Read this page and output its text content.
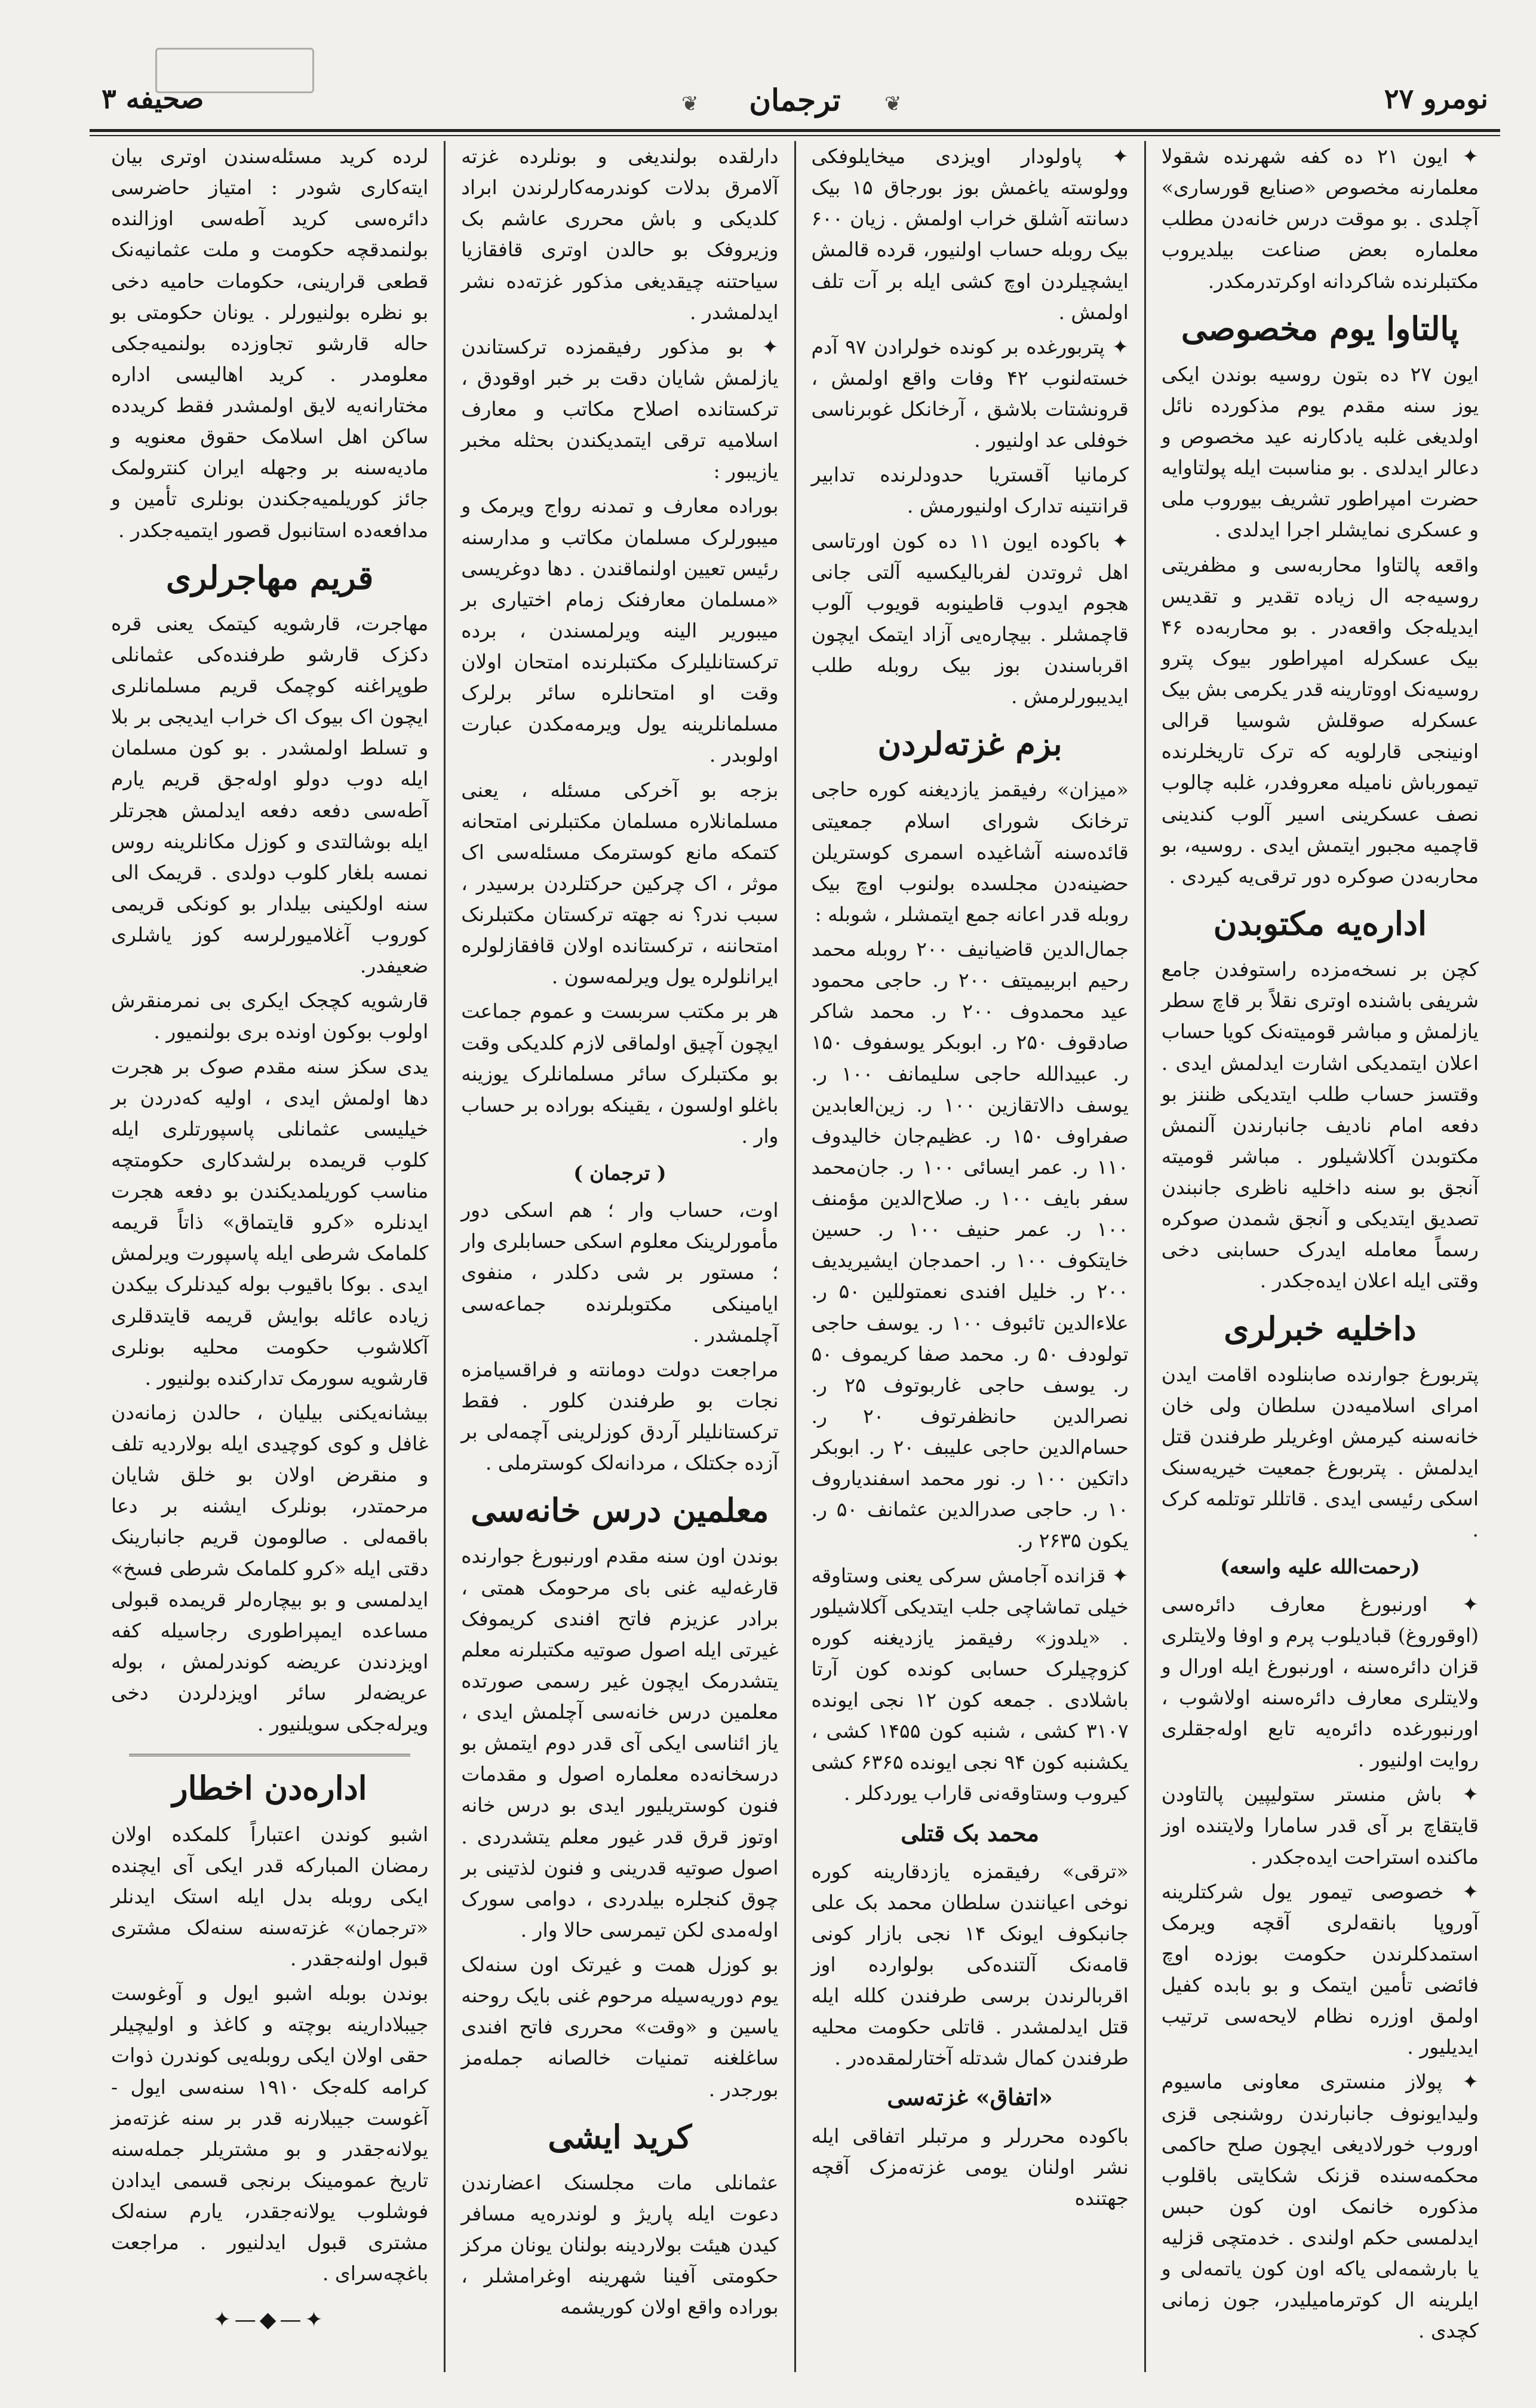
نومرو ۲۷
❦
ترجمان
❦
صحیفه ۳

✦ ایون ۲۱ ده کفه شهرنده شقولا معلمارنه مخصوص «صنایع قورساری» آچلدی . بو موقت درس خانه‌دن مطلب معلماره بعض صناعت بیلدیروب مکتبلرنده شاکردانه اوکرتدرمکدر.

پالتاوا یوم مخصوصی

ایون ۲۷ ده بتون روسیه بوندن ایکی یوز سنه مقدم یوم مذکورده نائل اولدیغی غلبه یادکارنه عید مخصوص و دعالر ایدلدی . بو مناسبت ایله پولتاوایه حضرت امپراطور تشریف بیوروب ملی و عسکری نمایشلر اجرا ایدلدی .

واقعه پالتاوا محاربه‌سی و مظفریتی روسیه‌جه ال زیاده تقدیر و تقدیس ایدیله‌جک واقعه‌در . بو محاربه‌ده ۴۶ بیک عسکرله امپراطور بیوک پترو روسیه‌نک اووتارینه قدر یکرمی بش بیک عسکرله صوقلش شوسیا قرالی اونینجی قارلویه که ترک تاریخلرنده تیمورباش نامیله معروفدر، غلبه چالوب نصف عسکرینی اسیر آلوب کندینی قاچمیه مجبور ایتمش ایدی . روسیه، بو محاربه‌دن صوکره دور ترقی‌یه کیردی .

اداره‌یه مکتوبدن

کچن بر نسخه‌مزده راستوفدن جامع شریفی باشنده اوتری نقلاً بر قاچ سطر یازلمش و مباشر قومیته‌نک کویا حساب اعلان ایتمدیکی اشارت ایدلمش ایدی . وقتسز حساب طلب ایتدیکی ظننز بو دفعه امام نادیف جانبارندن آلنمش مکتوبدن آکلاشیلور . مباشر قومیته آنجق بو سنه داخلیه ناظری جانبندن تصدیق ایتدیکی و آنجق شمدن صوکره رسماً معامله ایدرک حسابنی دخی وقتی ایله اعلان ایده‌جکدر .

داخلیه خبرلری

پتربورغ جوارنده صابنلوده اقامت ایدن امرای اسلامیه‌دن سلطان ولی خان خانه‌سنه کیرمش اوغریلر طرفندن قتل ایدلمش . پتربورغ جمعیت خیریه‌سنک اسکی رئیسی ایدی . قاتللر توتلمه کرک .

(رحمت‌الله علیه واسعه)

✦ اورنبورغ معارف دائره‌سی (اوقوروغ) قبادیلوب پرم و اوفا ولایتلری قزان دائره‌سنه ، اورنبورغ ایله اورال و ولایتلری معارف دائره‌سنه اولاشوب ، اورنبورغده دائره‌یه تابع اوله‌جقلری روایت اولنیور .

✦ باش منستر ستولیپین پالتاودن قایتقاچ بر آی قدر سامارا ولایتنده اوز ماکنده استراحت ایده‌جکدر .

✦ خصوصی تیمور یول شرکتلرینه آوروپا بانقه‌لری آقچه ویرمک استمدکلرندن حکومت بوزده اوچ فائضی تأمین ایتمک و بو بابده کفیل اولمق اوزره نظام لایحه‌سی ترتیب ایدیلیور .

✦ پولاز منستری معاونی ماسیوم ولیدایونوف جانبارندن روشنجی قزی اوروب خورلادیغی ایچون صلح حاکمی محکمه‌سنده قزنک شکایتی باقلوب مذکوره خانمک اون کون حبس ایدلمسی حکم اولندی . خدمتچی قزلیه یا بارشمه‌لی یاکه اون کون یاتمه‌لی و ایلرینه ال کوترمامیلیدر، جون زمانی کچدی .

✦ پاولودار اویزدی میخایلوفکی وولوسته یاغمش بوز بورجاق ۱۵ بیک دسانته آشلق خراب اولمش . زیان ۶۰۰ بیک روبله حساب اولنیور، قرده قالمش ایشچیلردن اوچ کشی ایله بر آت تلف اولمش .

✦ پتربورغده بر کونده خولرادن ۹۷ آدم خسته‌لنوب ۴۲ وفات واقع اولمش ، قرونشتات بلاشق ، آرخانکل غوبرناسی خوفلی عد اولنیور .

کرمانیا آقستریا حدودلرنده تدابیر قرانتینه تدارک اولنیورمش .

✦ باکوده ایون ۱۱ ده کون اورتاسی اهل ثروتدن لفربالیکسیه آلتی جانی هجوم ایدوب قاطینوبه قویوب آلوب قاچمشلر . بیچاره‌یی آزاد ایتمک ایچون اقرباسندن بوز بیک روبله طلب ایدیبورلرمش .

بزم غزته‌لردن

«میزان» رفیقمز یازدیغنه کوره حاجی ترخانک شورای اسلام جمعیتی قائده‌سنه آشاغیده اسمری کوستریلن حضینه‌دن مجلسده بولنوب اوچ بیک روبله قدر اعانه جمع ایتمشلر ، شوبله :

جمال‌الدین قاضیانیف ۲۰۰ روبله محمد رحیم ابربیمیتف ۲۰۰ ر. حاجی محمود عید محمدوف ۲۰۰ ر. محمد شاکر صادقوف ۲۵۰ ر. ابوبکر یوسفوف ۱۵۰ ر. عبیدالله حاجی سلیمانف ۱۰۰ ر. یوسف دالاتقازین ۱۰۰ ر. زین‌العابدین صفراوف ۱۵۰ ر. عظیم‌جان خالیدوف ۱۱۰ ر. عمر ایسائی ۱۰۰ ر. جان‌محمد سفر بایف ۱۰۰ ر. صلاح‌الدین مؤمنف ۱۰۰ ر. عمر حنیف ۱۰۰ ر. حسین خایتکوف ۱۰۰ ر. احمدجان ایشیریدیف ۲۰۰ ر. خلیل افندی نعمتوللین ۵۰ ر. علاءالدین تائبوف ۱۰۰ ر. یوسف حاجی تولودف ۵۰ ر. محمد صفا کریموف ۵۰ ر. یوسف حاجی غاربوتوف ۲۵ ر. نصرالدین حانظفرتوف ۲۰ ر. حسام‌الدین حاجی علیبف ۲۰ ر. ابوبکر داتکین ۱۰۰ ر. نور محمد اسفندیاروف ۱۰ ر. حاجی صدرالدین عثمانف ۵۰ ر. یکون ۲۶۳۵ ر.

✦ قزانده آجامش سرکی یعنی وستاوقه خیلی تماشاچی جلب ایتدیکی آکلاشیلور . «یلدوز» رفیقمز یازدیغنه کوره کزوچیلرک حسابی کونده کون آرتا باشلادی . جمعه کون ۱۲ نجی ایونده ۳۱۰۷ کشی ، شنبه کون ۱۴۵۵ کشی ، یکشنبه کون ۹۴ نجی ایونده ۶۳۶۵ کشی کیروب وستاوقه‌نی قاراب یوردکلر .

محمد بک قتلی

«ترقی» رفیقمزه یازدقارینه کوره نوخی اعیانندن سلطان محمد بک علی جانبکوف ایونک ۱۴ نجی بازار کونی قامه‌نک آلتنده‌کی بولوارده اوز اقربالرندن برسی طرفندن کلله ایله قتل ایدلمشدر . قاتلی حکومت محلیه طرفندن کمال شدتله آختارلمقده‌در .

«اتفاق» غزته‌سی

باکوده محررلر و مرتبلر اتفاقی ایله نشر اولنان یومی غزته‌مزک آقچه جهتنده

دارلقده بولندیغی و بونلرده غزته آلامرق بدلات کوندرمه‌کارلرندن ابراد کلدیکی و باش محرری عاشم بک وزیروفک بو حالدن اوتری قافقازیا سیاحتنه چیقدیغی مذکور غزته‌ده نشر ایدلمشدر .

✦ بو مذکور رفیقمزده ترکستاندن یازلمش شایان دقت بر خبر اوقودق ، ترکستانده اصلاح مکاتب و معارف اسلامیه ترقی ایتمدیکندن بحثله مخبر یازیبور :

بوراده معارف و تمدنه رواج ویرمک و میبورلرک مسلمان مکاتب و مدارسنه رئیس تعیین اولنماقندن . دها دوغریسی «مسلمان معارفنک زمام اختیاری بر میبوریر الینه ویرلمسندن ، برده ترکستانلیلرک مکتبلرنده امتحان اولان وقت او امتحانلره سائر برلرک مسلمانلرینه یول ویرمه‌مکدن عبارت اولوبدر .

بزجه بو آخرکی مسئله ، یعنی مسلمانلاره مسلمان مکتبلرنی امتحانه کتمکه مانع کوسترمک مسئله‌سی اک موثر ، اک چرکین حرکتلردن برسیدر ، سبب ندر؟ نه جهته ترکستان مکتبلرنک امتحاننه ، ترکستانده اولان قافقازلولره ایرانلولره یول ویرلمه‌سون .

هر بر مکتب سربست و عموم جماعت ایچون آچیق اولماقی لازم کلدیکی وقت بو مکتبلرک سائر مسلمانلرک یوزینه باغلو اولسون ، یقینکه بوراده بر حساب وار .

( ترجمان )

اوت، حساب وار ؛ هم اسکی دور مأمورلرینک معلوم اسکی حسابلری وار ؛ مستور بر شی دکلدر ، منفوی ایامینکی مکتوبلرنده جماعه‌سی آچلمشدر .

مراجعت دولت دومانته و فراقسیامزه نجات بو طرفندن کلور . فقط ترکستانلیلر آردق کوزلرینی آچمه‌لی بر آزده جکتلک ، مردانه‌لک کوسترملی .

معلمین درس خانه‌سی

بوندن اون سنه مقدم اورنبورغ جوارنده قارغه‌لیه غنی بای مرحومک همتی ، برادر عزیزم فاتح افندی کریموفک غیرتی ایله اصول صوتیه مکتبلرنه معلم یتشدرمک ایچون غیر رسمی صورتده معلمین درس خانه‌سی آچلمش ایدی ، یاز ائناسی ایکی آی قدر دوم ایتمش بو درسخانه‌ده معلماره اصول و مقدمات فنون کوستریلیور ایدی بو درس خانه اوتوز قرق قدر غیور معلم یتشدردی . اصول صوتیه قدرینی و فنون لذتینی بر چوق کنجلره بیلدردی ، دوامی سورک اوله‌مدی لکن تیمرسی حالا وار .

بو کوزل همت و غیرتک اون سنه‌لک یوم دوریه‌سیله مرحوم غنی بایک روحنه یاسین و «وقت» محرری فاتح افندی ساغلغنه تمنیات خالصانه جمله‌مز بورجدر .

کرید ایشی

عثمانلی مات مجلسنک اعضارندن دعوت ایله پاریژ و لوندره‌یه مسافر کیدن هیئت بولاردینه بولنان یونان مرکز حکومتی آفینا شهرینه اوغرامشلر ، بوراده واقع اولان کوریشمه

لرده کرید مسئله‌سندن اوتری بیان ایته‌کاری شودر : امتیاز حاضرسی دائره‌سی کرید آطه‌سی اوزالنده بولنمدقچه حکومت و ملت عثمانیه‌نک قطعی قرارینی، حکومات حامیه دخی بو نظره بولنیورلر . یونان حکومتی بو حاله قارشو تجاوزده بولنمیه‌جکی معلومدر . کرید اهالیسی اداره مختارانه‌یه لایق اولمشدر فقط کریدده ساکن اهل اسلامک حقوق معنویه و مادیه‌سنه بر وجهله ایران کنترولمک جائز کوریلمیه‌جکندن بونلری تأمین و مدافعه‌ده استانبول قصور ایتمیه‌جکدر .

قریم مهاجرلری

مهاجرت، قارشویه کیتمک یعنی قره دکزک قارشو طرفنده‌کی عثمانلی طوپراغنه کوچمک قریم مسلمانلری ایچون اک بیوک اک خراب ایدیجی بر بلا و تسلط اولمشدر . بو کون مسلمان ایله دوب دولو اوله‌جق قریم یارم آطه‌سی دفعه دفعه ایدلمش هجرتلر ایله بوشالتدی و کوزل مکانلرینه روس نمسه بلغار کلوب دولدی . قریمک الی سنه اولکینی بیلدار بو کونکی قریمی کوروب آغلامیورلرسه کوز یاشلری ضعیفدر.

قارشویه کچجک ایکری بی نمرمنقرش اولوب بوکون اونده بری بولنمیور .

یدی سکز سنه مقدم صوک بر هجرت دها اولمش ایدی ، اولیه که‌دردن بر خیلیسی عثمانلی پاسپورتلری ایله کلوب قریمده برلشدکاری حکومتچه مناسب کوریلمدیکندن بو دفعه هجرت ایدنلره «کرو قایتماق» ذاتاً قریمه کلمامک شرطی ایله پاسپورت ویرلمش ایدی . بوکا باقیوب بوله کیدنلرک بیکدن زیاده عائله بوایش قریمه قایتدقلری آکلاشوب حکومت محلیه بونلری قارشویه سورمک تدارکنده بولنیور .

بیشانه‌یکنی بیلیان ، حالدن زمانه‌دن غافل و کوی کوچیدی ایله بولاردیه تلف و منقرض اولان بو خلق شایان مرحمتدر، بونلرک ایشنه بر دعا باقمه‌لی . صالومون قریم جانبارینک دقتی ایله «کرو کلمامک شرطی فسخ» ایدلمسی و بو بیچاره‌لر قریمده قبولی مساعده ایمپراطوری رجاسیله کفه اویزدندن عریضه کوندرلمش ، بوله عریضه‌لر سائر اویزدلردن دخی ویرله‌جکی سویلنیور .

اداره‌دن اخطار

اشبو کوندن اعتباراً کلمکده اولان رمضان المبارکه قدر ایکی آی ایچنده ایکی روبله بدل ایله استک ایدنلر «ترجمان» غزته‌سنه سنه‌لک مشتری قبول اولنه‌جقدر .

بوندن بوبله اشبو ایول و آوغوست جیبلادارینه بوچته و کاغذ و اولیچیلر حقی اولان ایکی روبله‌یی کوندرن ذوات کرامه کله‌جک ۱۹۱۰ سنه‌سی ایول - آغوست جیبلارنه قدر بر سنه غزته‌مز یولانه‌جقدر و بو مشتریلر جمله‌سنه تاریخ عمومینک برنجی قسمی ایدادن فوشلوب یولانه‌جقدر، یارم سنه‌لک مشتری قبول ایدلنیور . مراجعت باغچه‌سرای .

✦—◆—✦
